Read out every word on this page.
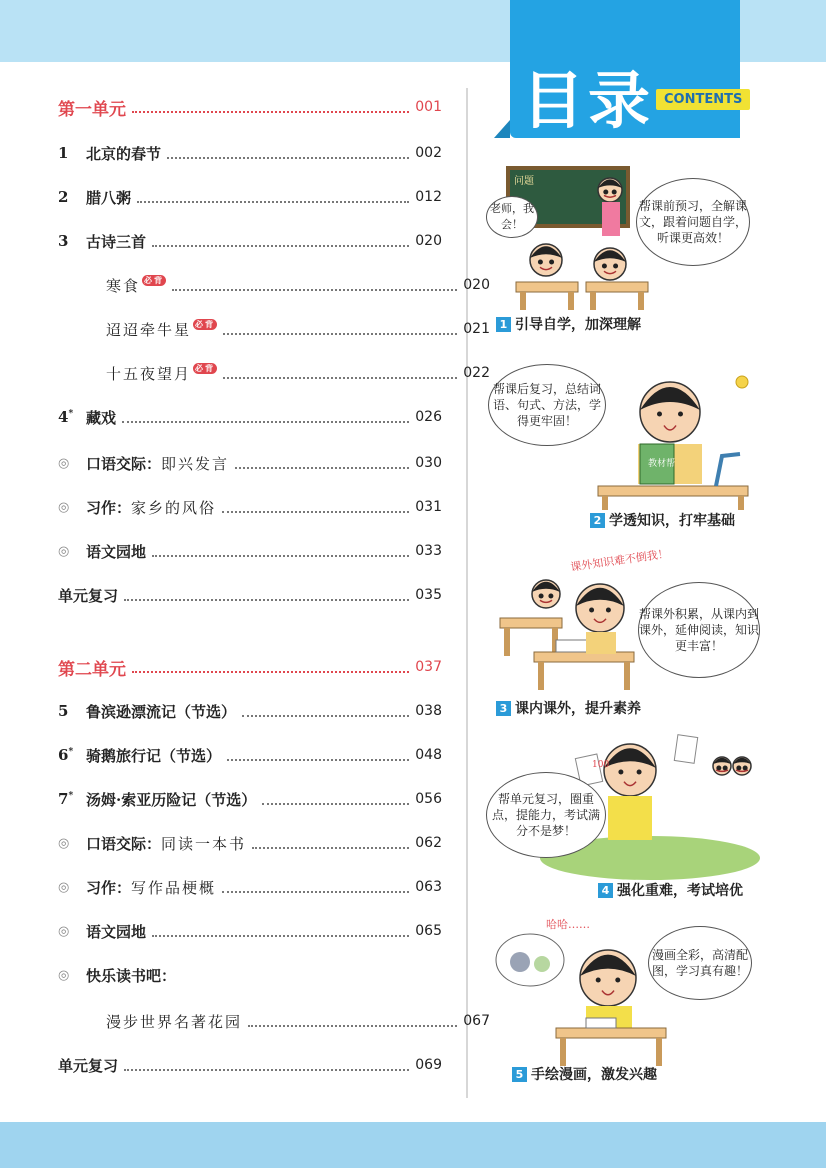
目录 CONTENTS
第一单元	001
1	北京的春节	002
2	腊八粥	012
3	古诗三首	020
寒食 必背	020
迢迢牵牛星 必背	021
十五夜望月 必背	022
4* 藏戏	026
◎	口语交际：即兴发言	030
◎	习作：家乡的风俗	031
◎	语文园地	033
单元复习	035
第二单元	037
5	鲁滨逊漂流记（节选）	038
6* 骑鹅旅行记（节选）	048
7* 汤姆·索亚历险记（节选）	056
◎	口语交际：同读一本书	062
◎	习作：写作品梗概	063
◎	语文园地	065
◎	快乐读书吧：
漫步世界名著花园	067
单元复习	069
帮课前预习，全解课文，跟着问题自学，听课更高效！
老师，我会！
问题
1 引导自学，加深理解
帮课后复习，总结词语、句式、方法，学得更牢固！
教材帮
2 学透知识，打牢基础
帮课外积累，从课内到课外，延伸阅读，知识更丰富！
课外知识难不倒我！
3 课内课外，提升素养
帮单元复习，圈重点，提能力，考试满分不是梦！
100
4 强化重难，考试培优
漫画全彩，高清配图，学习真有趣！
哈哈……
5 手绘漫画，激发兴趣
